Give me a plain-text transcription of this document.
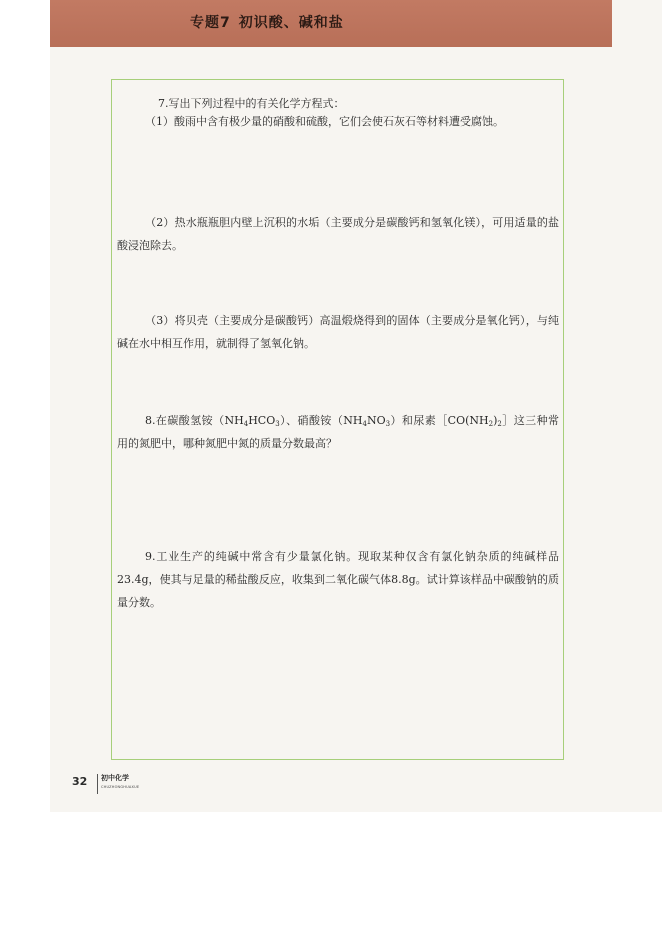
专题7 初识酸、碱和盐
7.写出下列过程中的有关化学方程式：
（1）酸雨中含有极少量的硝酸和硫酸，它们会使石灰石等材料遭受腐蚀。
（2）热水瓶瓶胆内壁上沉积的水垢（主要成分是碳酸钙和氢氧化镁），可用适量的盐酸浸泡除去。
（3）将贝壳（主要成分是碳酸钙）高温煅烧得到的固体（主要成分是氧化钙），与纯碱在水中相互作用，就制得了氢氧化钠。
8.在碳酸氢铵$(NH_4HCO_3)$、硝酸铵$(NH_4NO_3)$和尿素$[CO(NH_2)_2]$这三种常用的氮肥中，哪种氮肥中氮的质量分数最高？
9.工业生产的纯碱中常含有少量氯化钠。现取某种仅含有氯化钠杂质的纯碱样品23.4g，使其与足量的稀盐酸反应，收集到二氧化碳气体8.8g。试计算该样品中碳酸钠的质量分数。
32 初中化学
CHUZHONGHUAXUE
